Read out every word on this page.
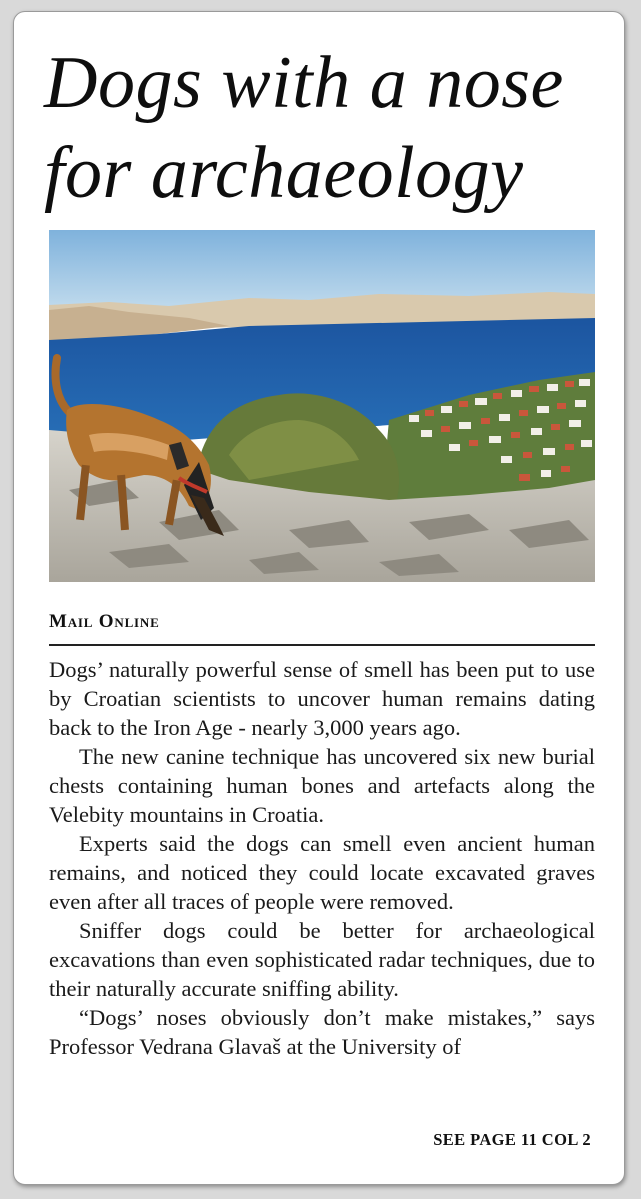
Dogs with a nose for archaeology
Mail Online

Dogs’ naturally powerful sense of smell has been put to use by Croatian scientists to uncover human remains dating back to the Iron Age - nearly 3,000 years ago.

The new canine technique has uncovered six new burial chests containing human bones and artefacts along the Velebity mountains in Croatia.

Experts said the dogs can smell even ancient human remains, and noticed they could locate excavated graves even after all traces of people were removed.

Sniffer dogs could be better for archaeological excavations than even sophisticated radar techniques, due to their naturally accurate sniffing ability.

“Dogs’ noses obviously don’t make mistakes,” says Professor Vedrana Glavaš at the University of

SEE PAGE 11 COL 2
